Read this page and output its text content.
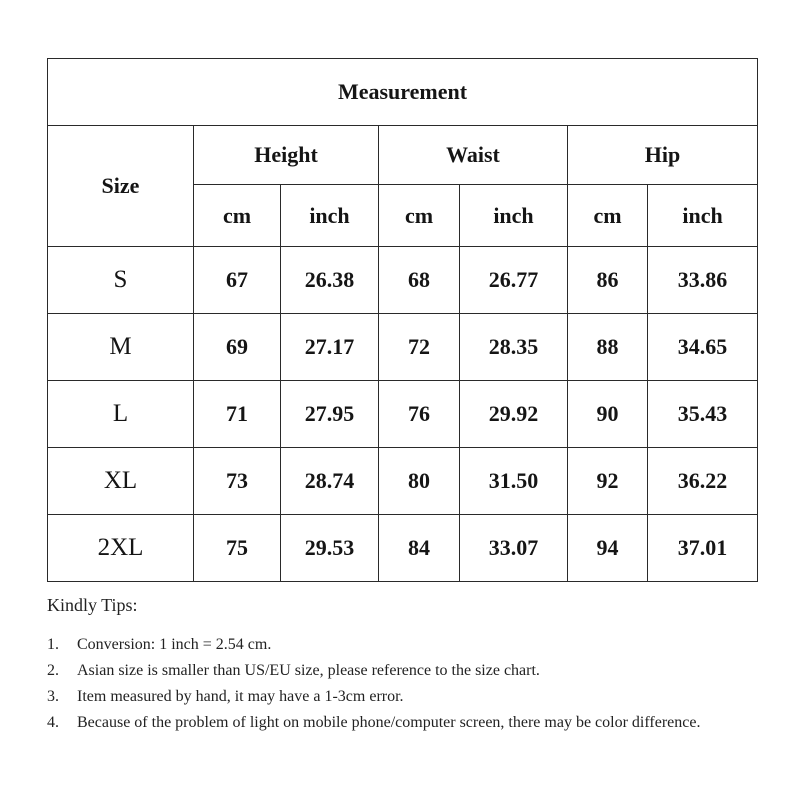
Measurement						
Size	Height		Waist		Hip	
	cm	inch	cm	inch	cm	inch
S	67	26.38	68	26.77	86	33.86
M	69	27.17	72	28.35	88	34.65
L	71	27.95	76	29.92	90	35.43
XL	73	28.74	80	31.50	92	36.22
2XL	75	29.53	84	33.07	94	37.01
Kindly Tips:
1.	Conversion: 1 inch = 2.54 cm.
2.	Asian size is smaller than US/EU size, please reference to the size chart.
3.	Item measured by hand, it may have a 1-3cm error.
4.	Because of the problem of light on mobile phone/computer screen, there may be color difference.
